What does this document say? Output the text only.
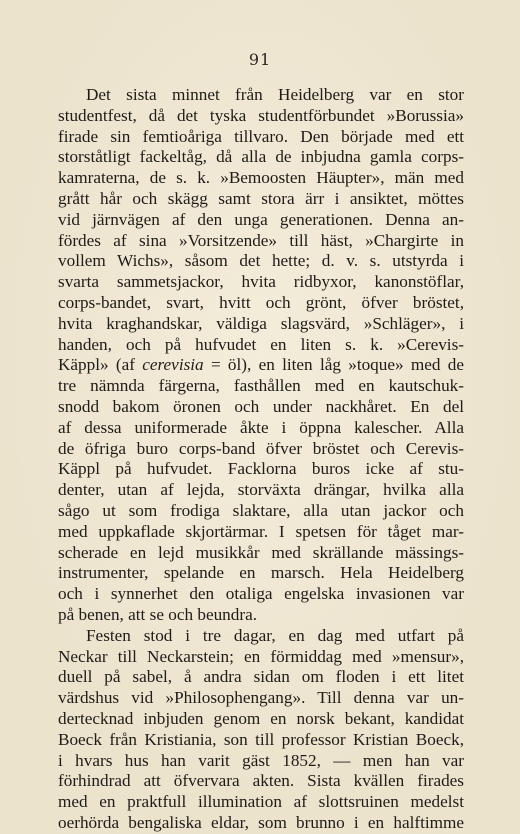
91
Det sista minnet från Heidelberg var en stor
studentfest, då det tyska studentförbundet »Borussia»
firade sin femtioåriga tillvaro. Den började med ett
storståtligt fackeltåg, då alla de inbjudna gamla corps-
kamraterna, de s. k. »Bemoosten Häupter», män med
grått hår och skägg samt stora ärr i ansiktet, möttes
vid järnvägen af den unga generationen. Denna an-
fördes af sina »Vorsitzende» till häst, »Chargirte in
vollem Wichs», såsom det hette; d. v. s. utstyrda i
svarta sammetsjackor, hvita ridbyxor, kanonstöflar,
corps-bandet, svart, hvitt och grönt, öfver bröstet,
hvita kraghandskar, väldiga slagsvärd, »Schläger», i
handen, och på hufvudet en liten s. k. »Cerevis-
Käppl» (af cerevisia = öl), en liten låg »toque» med de
tre nämnda färgerna, fasthållen med en kautschuk-
snodd bakom öronen och under nackhåret. En del
af dessa uniformerade åkte i öppna kalescher. Alla
de öfriga buro corps-band öfver bröstet och Cerevis-
Käppl på hufvudet. Facklorna buros icke af stu-
denter, utan af lejda, storväxta drängar, hvilka alla
sågo ut som frodiga slaktare, alla utan jackor och
med uppkaflade skjortärmar. I spetsen för tåget mar-
scherade en lejd musikkår med skrällande mässings-
instrumenter, spelande en marsch. Hela Heidelberg
och i synnerhet den otaliga engelska invasionen var
på benen, att se och beundra.
Festen stod i tre dagar, en dag med utfart på
Neckar till Neckarstein; en förmiddag med »mensur»,
duell på sabel, å andra sidan om floden i ett litet
värdshus vid »Philosophengang». Till denna var un-
dertecknad inbjuden genom en norsk bekant, kandidat
Boeck från Kristiania, son till professor Kristian Boeck,
i hvars hus han varit gäst 1852, — men han var
förhindrad att öfvervara akten. Sista kvällen firades
med en praktfull illumination af slottsruinen medelst
oerhörda bengaliska eldar, som brunno i en halftimme
